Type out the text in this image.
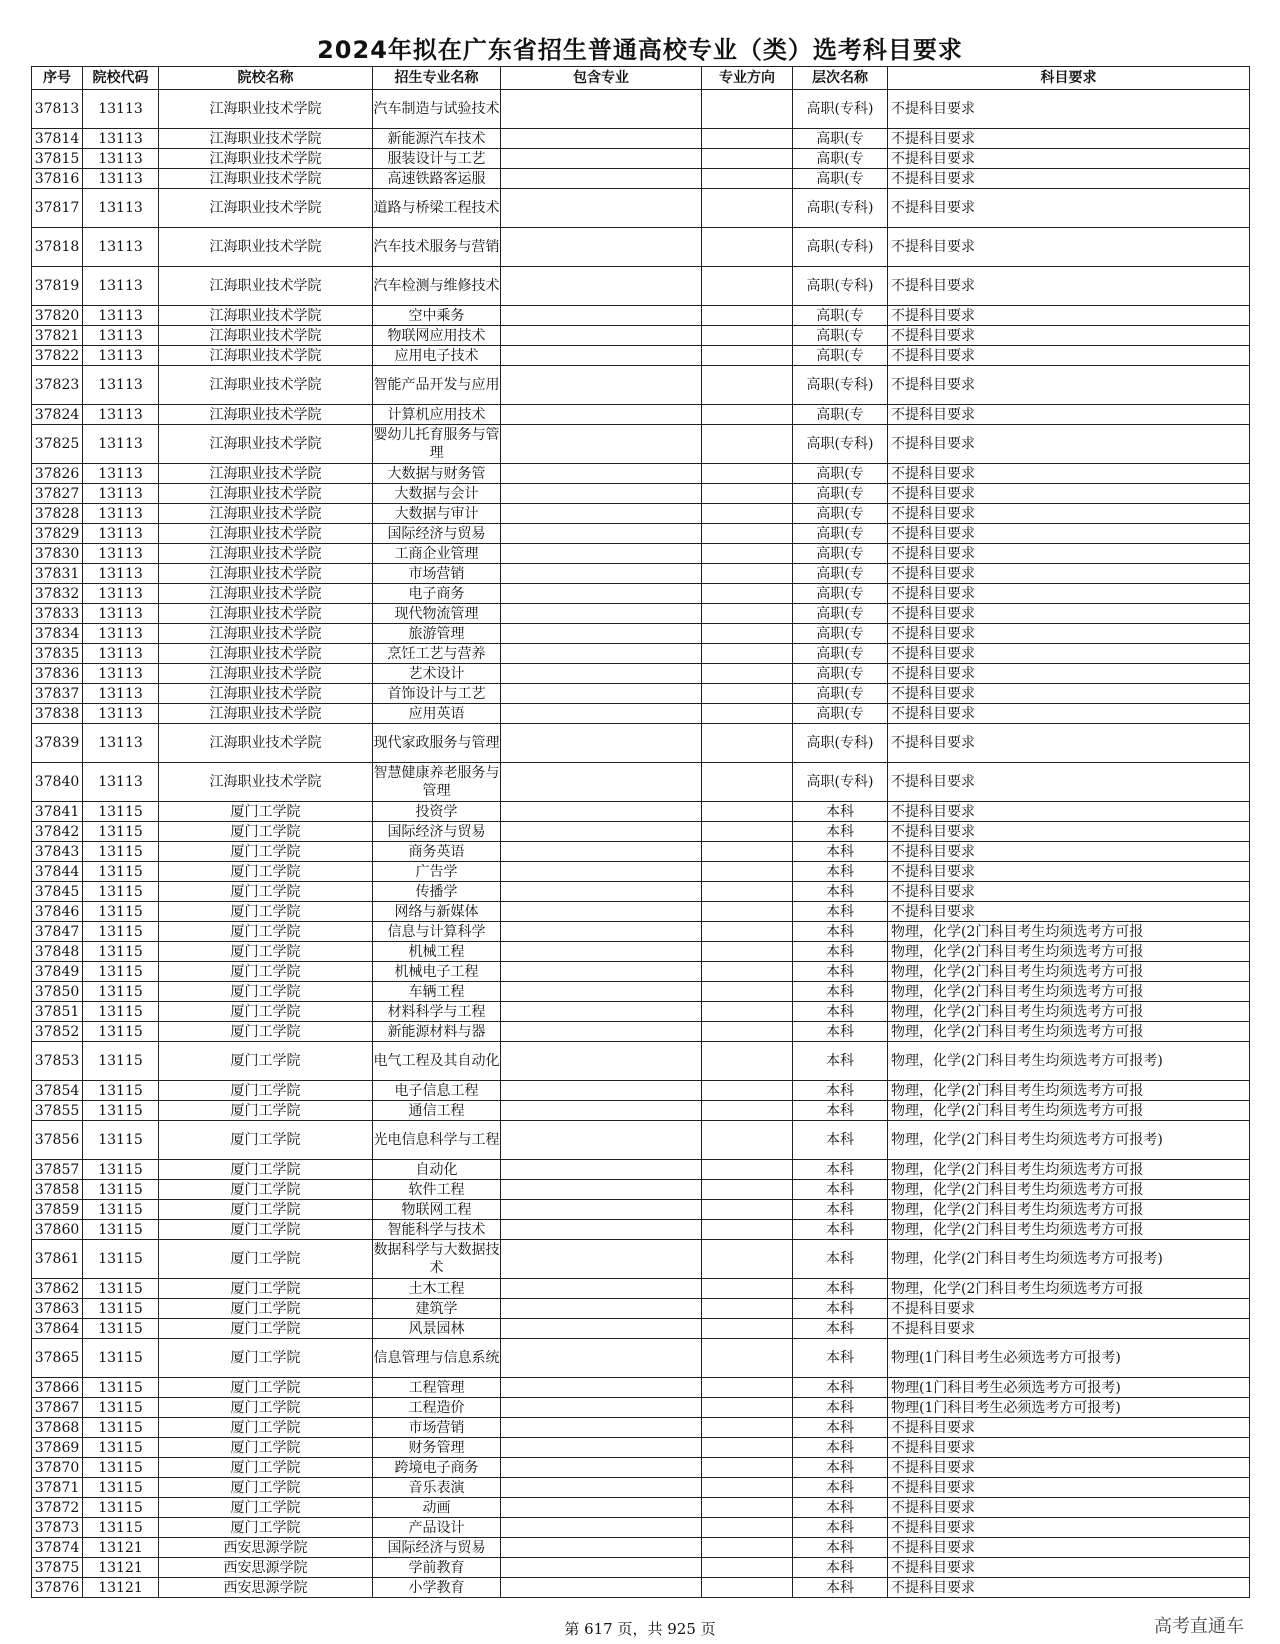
2024年拟在广东省招生普通高校专业（类）选考科目要求
序号	院校代码	院校名称	招生专业名称	包含专业	专业方向	层次名称	科目要求
37813	13113	江海职业技术学院	汽车制造与试验技术			高职(专科)	不提科目要求
37814	13113	江海职业技术学院	新能源汽车技术			高职(专	不提科目要求
37815	13113	江海职业技术学院	服装设计与工艺			高职(专	不提科目要求
37816	13113	江海职业技术学院	高速铁路客运服			高职(专	不提科目要求
37817	13113	江海职业技术学院	道路与桥梁工程技术			高职(专科)	不提科目要求
37818	13113	江海职业技术学院	汽车技术服务与营销			高职(专科)	不提科目要求
37819	13113	江海职业技术学院	汽车检测与维修技术			高职(专科)	不提科目要求
37820	13113	江海职业技术学院	空中乘务			高职(专	不提科目要求
37821	13113	江海职业技术学院	物联网应用技术			高职(专	不提科目要求
37822	13113	江海职业技术学院	应用电子技术			高职(专	不提科目要求
37823	13113	江海职业技术学院	智能产品开发与应用			高职(专科)	不提科目要求
37824	13113	江海职业技术学院	计算机应用技术			高职(专	不提科目要求
37825	13113	江海职业技术学院	婴幼儿托育服务与管理			高职(专科)	不提科目要求
37826	13113	江海职业技术学院	大数据与财务管			高职(专	不提科目要求
37827	13113	江海职业技术学院	大数据与会计			高职(专	不提科目要求
37828	13113	江海职业技术学院	大数据与审计			高职(专	不提科目要求
37829	13113	江海职业技术学院	国际经济与贸易			高职(专	不提科目要求
37830	13113	江海职业技术学院	工商企业管理			高职(专	不提科目要求
37831	13113	江海职业技术学院	市场营销			高职(专	不提科目要求
37832	13113	江海职业技术学院	电子商务			高职(专	不提科目要求
37833	13113	江海职业技术学院	现代物流管理			高职(专	不提科目要求
37834	13113	江海职业技术学院	旅游管理			高职(专	不提科目要求
37835	13113	江海职业技术学院	烹饪工艺与营养			高职(专	不提科目要求
37836	13113	江海职业技术学院	艺术设计			高职(专	不提科目要求
37837	13113	江海职业技术学院	首饰设计与工艺			高职(专	不提科目要求
37838	13113	江海职业技术学院	应用英语			高职(专	不提科目要求
37839	13113	江海职业技术学院	现代家政服务与管理			高职(专科)	不提科目要求
37840	13113	江海职业技术学院	智慧健康养老服务与管理			高职(专科)	不提科目要求
37841	13115	厦门工学院	投资学			本科	不提科目要求
37842	13115	厦门工学院	国际经济与贸易			本科	不提科目要求
37843	13115	厦门工学院	商务英语			本科	不提科目要求
37844	13115	厦门工学院	广告学			本科	不提科目要求
37845	13115	厦门工学院	传播学			本科	不提科目要求
37846	13115	厦门工学院	网络与新媒体			本科	不提科目要求
37847	13115	厦门工学院	信息与计算科学			本科	物理，化学(2门科目考生均须选考方可报
37848	13115	厦门工学院	机械工程			本科	物理，化学(2门科目考生均须选考方可报
37849	13115	厦门工学院	机械电子工程			本科	物理，化学(2门科目考生均须选考方可报
37850	13115	厦门工学院	车辆工程			本科	物理，化学(2门科目考生均须选考方可报
37851	13115	厦门工学院	材料科学与工程			本科	物理，化学(2门科目考生均须选考方可报
37852	13115	厦门工学院	新能源材料与器			本科	物理，化学(2门科目考生均须选考方可报
37853	13115	厦门工学院	电气工程及其自动化			本科	物理，化学(2门科目考生均须选考方可报考)
37854	13115	厦门工学院	电子信息工程			本科	物理，化学(2门科目考生均须选考方可报
37855	13115	厦门工学院	通信工程			本科	物理，化学(2门科目考生均须选考方可报
37856	13115	厦门工学院	光电信息科学与工程			本科	物理，化学(2门科目考生均须选考方可报考)
37857	13115	厦门工学院	自动化			本科	物理，化学(2门科目考生均须选考方可报
37858	13115	厦门工学院	软件工程			本科	物理，化学(2门科目考生均须选考方可报
37859	13115	厦门工学院	物联网工程			本科	物理，化学(2门科目考生均须选考方可报
37860	13115	厦门工学院	智能科学与技术			本科	物理，化学(2门科目考生均须选考方可报
37861	13115	厦门工学院	数据科学与大数据技术			本科	物理，化学(2门科目考生均须选考方可报考)
37862	13115	厦门工学院	土木工程			本科	物理，化学(2门科目考生均须选考方可报
37863	13115	厦门工学院	建筑学			本科	不提科目要求
37864	13115	厦门工学院	风景园林			本科	不提科目要求
37865	13115	厦门工学院	信息管理与信息系统			本科	物理(1门科目考生必须选考方可报考)
37866	13115	厦门工学院	工程管理			本科	物理(1门科目考生必须选考方可报考)
37867	13115	厦门工学院	工程造价			本科	物理(1门科目考生必须选考方可报考)
37868	13115	厦门工学院	市场营销			本科	不提科目要求
37869	13115	厦门工学院	财务管理			本科	不提科目要求
37870	13115	厦门工学院	跨境电子商务			本科	不提科目要求
37871	13115	厦门工学院	音乐表演			本科	不提科目要求
37872	13115	厦门工学院	动画			本科	不提科目要求
37873	13115	厦门工学院	产品设计			本科	不提科目要求
37874	13121	西安思源学院	国际经济与贸易			本科	不提科目要求
37875	13121	西安思源学院	学前教育			本科	不提科目要求
37876	13121	西安思源学院	小学教育			本科	不提科目要求
第 617 页，共 925 页	高考直通车
